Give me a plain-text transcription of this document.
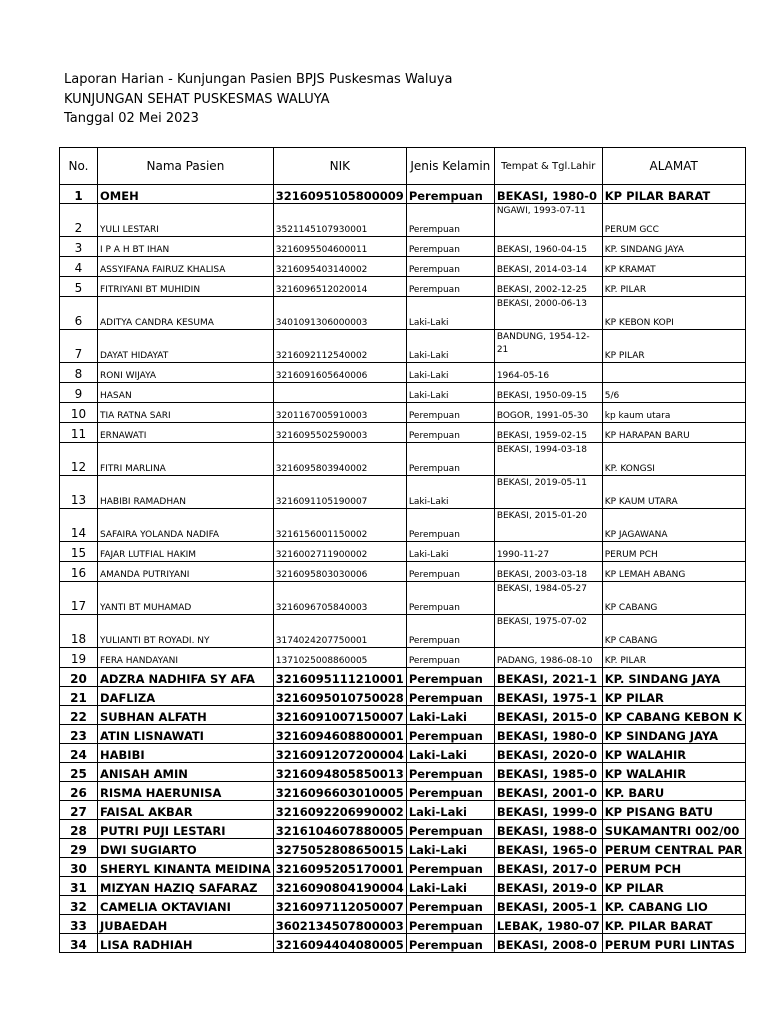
Laporan Harian - Kunjungan Pasien BPJS Puskesmas Waluya
KUNJUNGAN SEHAT PUSKESMAS WALUYA
Tanggal 02 Mei 2023
No.	Nama Pasien	NIK	Jenis Kelamin	Tempat & Tgl.Lahir	ALAMAT
1	OMEH	3216095105800009	Perempuan	BEKASI, 1980-0	KP PILAR BARAT
2	YULI LESTARI	3521145107930001	Perempuan	NGAWI, 1993-07-11	PERUM GCC
3	I P A H BT IHAN	3216095504600011	Perempuan	BEKASI, 1960-04-15	KP. SINDANG JAYA
4	ASSYIFANA FAIRUZ KHALISA	3216095403140002	Perempuan	BEKASI, 2014-03-14	KP KRAMAT
5	FITRIYANI BT MUHIDIN	3216096512020014	Perempuan	BEKASI, 2002-12-25	KP. PILAR
6	ADITYA CANDRA KESUMA	3401091306000003	Laki-Laki	BEKASI, 2000-06-13	KP KEBON KOPI
7	DAYAT HIDAYAT	3216092112540002	Laki-Laki	BANDUNG, 1954-12-21	KP PILAR
8	RONI WIJAYA	3216091605640006	Laki-Laki	1964-05-16	
9	HASAN		Laki-Laki	BEKASI, 1950-09-15	5/6
10	TIA RATNA SARI	3201167005910003	Perempuan	BOGOR, 1991-05-30	kp kaum utara
11	ERNAWATI	3216095502590003	Perempuan	BEKASI, 1959-02-15	KP HARAPAN BARU
12	FITRI MARLINA	3216095803940002	Perempuan	BEKASI, 1994-03-18	KP. KONGSI
13	HABIBI RAMADHAN	3216091105190007	Laki-Laki	BEKASI, 2019-05-11	KP KAUM UTARA
14	SAFAIRA YOLANDA NADIFA	3216156001150002	Perempuan	BEKASI, 2015-01-20	KP JAGAWANA
15	FAJAR LUTFIAL HAKIM	3216002711900002	Laki-Laki	1990-11-27	PERUM PCH
16	AMANDA PUTRIYANI	3216095803030006	Perempuan	BEKASI, 2003-03-18	KP LEMAH ABANG
17	YANTI BT MUHAMAD	3216096705840003	Perempuan	BEKASI, 1984-05-27	KP CABANG
18	YULIANTI BT ROYADI. NY	3174024207750001	Perempuan	BEKASI, 1975-07-02	KP CABANG
19	FERA HANDAYANI	1371025008860005	Perempuan	PADANG, 1986-08-10	KP. PILAR
20	ADZRA NADHIFA SY AFA	3216095111210001	Perempuan	BEKASI, 2021-1	KP. SINDANG JAYA
21	DAFLIZA	3216095010750028	Perempuan	BEKASI, 1975-1	KP PILAR
22	SUBHAN ALFATH	3216091007150007	Laki-Laki	BEKASI, 2015-0	KP CABANG KEBON K
23	ATIN LISNAWATI	3216094608800001	Perempuan	BEKASI, 1980-0	KP SINDANG JAYA
24	HABIBI	3216091207200004	Laki-Laki	BEKASI, 2020-0	KP WALAHIR
25	ANISAH AMIN	3216094805850013	Perempuan	BEKASI, 1985-0	KP WALAHIR
26	RISMA HAERUNISA	3216096603010005	Perempuan	BEKASI, 2001-0	KP. BARU
27	FAISAL AKBAR	3216092206990002	Laki-Laki	BEKASI, 1999-0	KP PISANG BATU
28	PUTRI PUJI LESTARI	3216104607880005	Perempuan	BEKASI, 1988-0	SUKAMANTRI 002/00
29	DWI SUGIARTO	3275052808650015	Laki-Laki	BEKASI, 1965-0	PERUM CENTRAL PAR
30	SHERYL KINANTA MEIDINA	3216095205170001	Perempuan	BEKASI, 2017-0	PERUM PCH
31	MIZYAN HAZIQ SAFARAZ	3216090804190004	Laki-Laki	BEKASI, 2019-0	KP PILAR
32	CAMELIA OKTAVIANI	3216097112050007	Perempuan	BEKASI, 2005-1	KP. CABANG LIO
33	JUBAEDAH	3602134507800003	Perempuan	LEBAK, 1980-07	KP. PILAR BARAT
34	LISA RADHIAH	3216094404080005	Perempuan	BEKASI, 2008-0	PERUM PURI LINTAS
